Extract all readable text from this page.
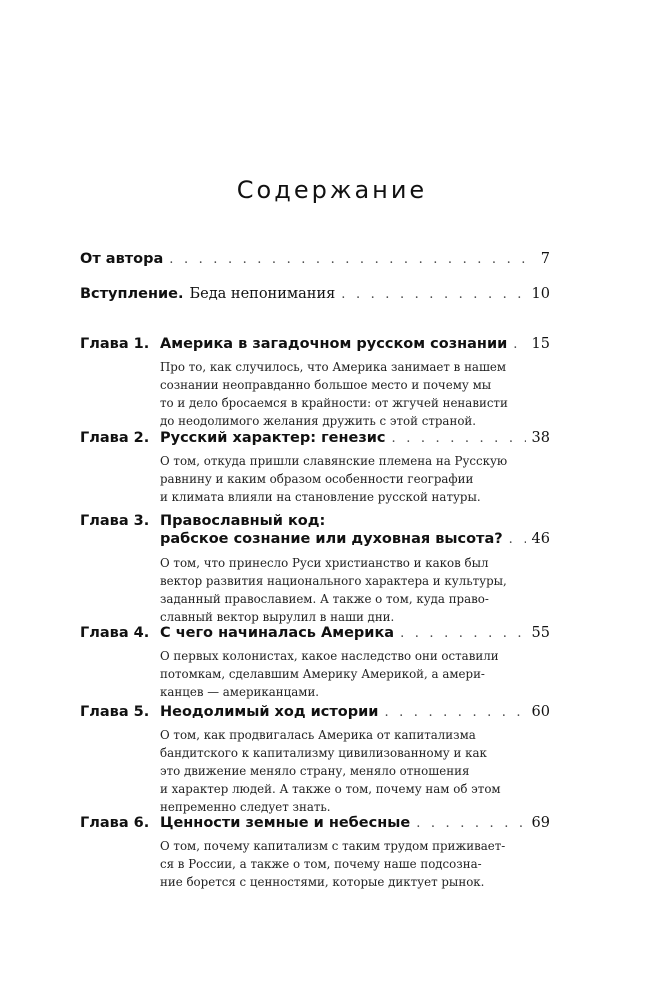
Содержание
От автора . . .	7
Вступление. Беда непонимания . . .	10
Глава 1. Америка в загадочном русском сознании . . . 15
Про то, как случилось, что Америка занимает в нашем
сознании неоправданно большое место и почему мы
то и дело бросаемся в крайности: от жгучей ненависти
до неодолимого желания дружить с этой страной.
Глава 2. Русский характер: генезис . . .	38
О том, откуда пришли славянские племена на Русскую
равнину и каким образом особенности географии
и климата влияли на становление русской натуры.
Глава 3. Православный код:
рабское сознание или духовная высота? . . . 46
О том, что принесло Руси христианство и каков был
вектор развития национального характера и культуры,
заданный православием. А также о том, куда право-
славный вектор вырулил в наши дни.
Глава 4. С чего начиналась Америка . . .	55
О первых колонистах, какое наследство они оставили
потомкам, сделавшим Америку Америкой, а амери-
канцев — американцами.
Глава 5. Неодолимый ход истории . . .	60
О том, как продвигалась Америка от капитализма
бандитского к капитализму цивилизованному и как
это движение меняло страну, меняло отношения
и характер людей. А также о том, почему нам об этом
непременно следует знать.
Глава 6. Ценности земные и небесные . . .	69
О том, почему капитализм с таким трудом приживает-
ся в России, а также о том, почему наше подсозна-
ние борется с ценностями, которые диктует рынок.
